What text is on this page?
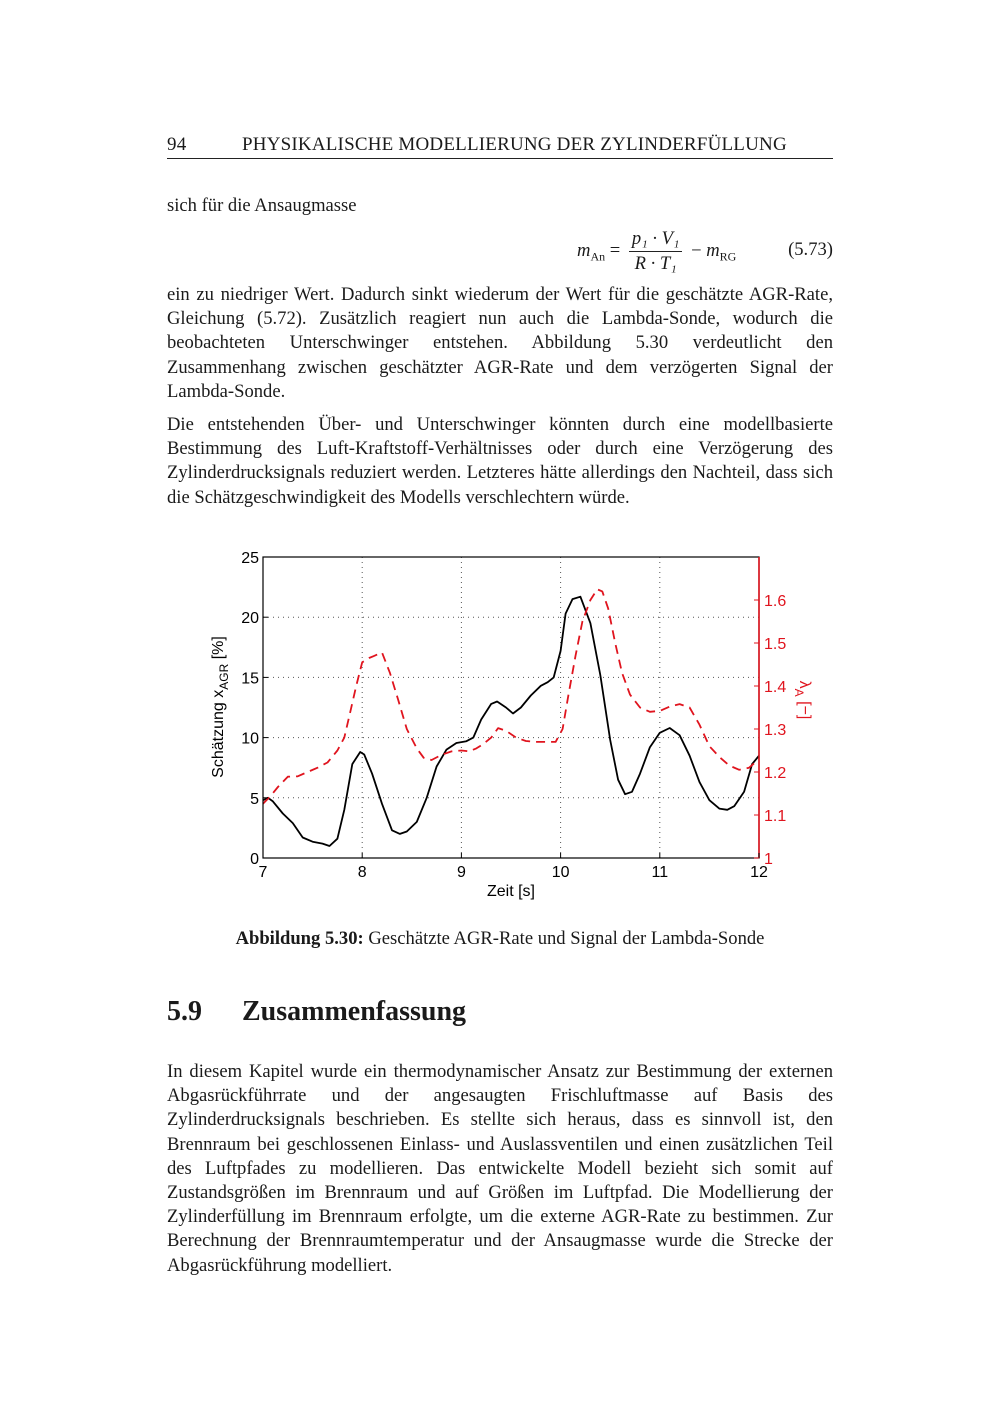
94	PHYSIKALISCHE MODELLIERUNG DER ZYLINDERFÜLLUNG

sich für die Ansaugmasse

$m_{An} = \frac{\text{p₁ · V₁}}{\text{R · T₁}} - m_{RG}$	(5.73)

ein zu niedriger Wert. Dadurch sinkt wiederum der Wert für die geschätzte AGR-Rate, Gleichung (5.72). Zusätzlich reagiert nun auch die Lambda-Sonde, wodurch die beobachteten Unterschwinger entstehen. Abbildung 5.30 verdeutlicht den Zusammenhang zwischen geschätzter AGR-Rate und dem verzögerten Signal der Lambda-Sonde.

Die entstehenden Über- und Unterschwinger könnten durch eine modellbasierte Bestimmung des Luft-Kraftstoff-Verhältnisses oder durch eine Verzögerung des Zylinderdrucksignals reduziert werden. Letzteres hätte allerdings den Nachteil, dass sich die Schätzgeschwindigkeit des Modells verschlechtern würde.

7	8	9	10	11	12
0
5
10
15
20
25
1
1.1
1.2
1.3
1.4
1.5
1.6
Zeit [s]
Schätzung $x_{AGR}$ [%]
$\lambda_A$ [−]
Abbildung 5.30: Geschätzte AGR-Rate und Signal der Lambda-Sonde
5.9 Zusammenfassung

In diesem Kapitel wurde ein thermodynamischer Ansatz zur Bestimmung der externen Abgasrückführrate und der angesaugten Frischluftmasse auf Basis des Zylinderdrucksignals beschrieben. Es stellte sich heraus, dass es sinnvoll ist, den Brennraum bei geschlossenen Einlass- und Auslassventilen und einen zusätzlichen Teil des Luftpfades zu modellieren. Das entwickelte Modell bezieht sich somit auf Zustandsgrößen im Brennraum und auf Größen im Luftpfad. Die Modellierung der Zylinderfüllung im Brennraum erfolgte, um die externe AGR-Rate zu bestimmen. Zur Berechnung der Brennraumtemperatur und der Ansaugmasse wurde die Strecke der Abgasrückführung modelliert.
